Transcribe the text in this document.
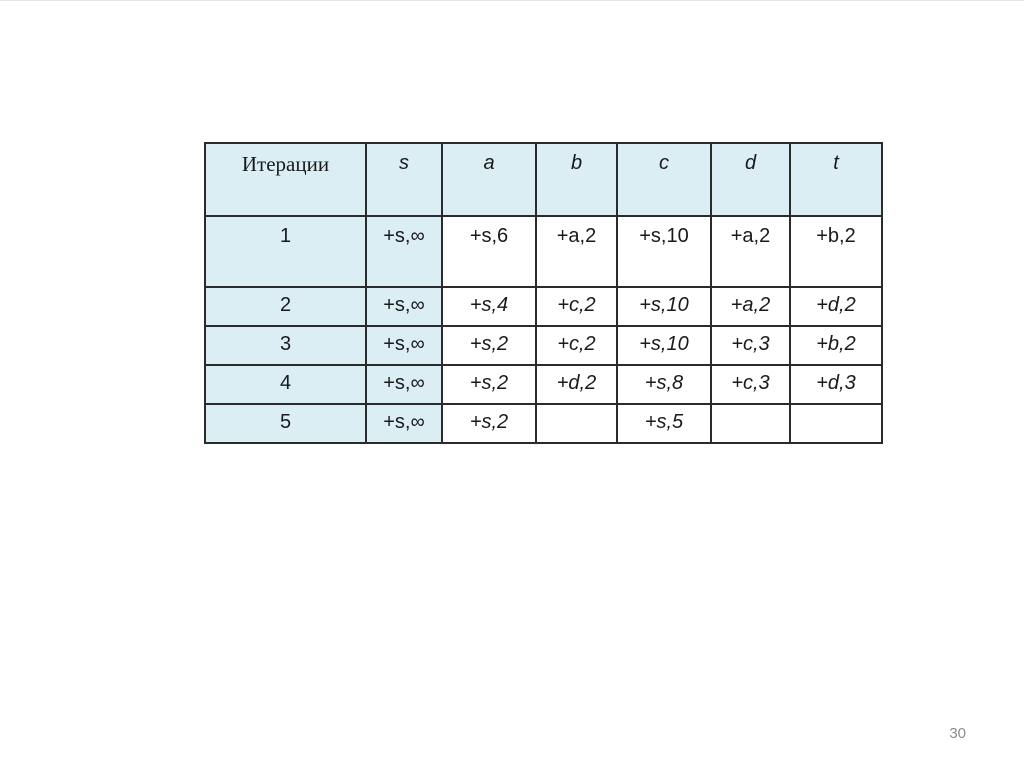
Итерации	s	a	b	c	d	t
1	+s,∞	+s,6	+a,2	+s,10	+a,2	+b,2
2	+s,∞	+s,4	+c,2	+s,10	+a,2	+d,2
3	+s,∞	+s,2	+c,2	+s,10	+c,3	+b,2
4	+s,∞	+s,2	+d,2	+s,8	+c,3	+d,3
5	+s,∞	+s,2		+s,5		
30
